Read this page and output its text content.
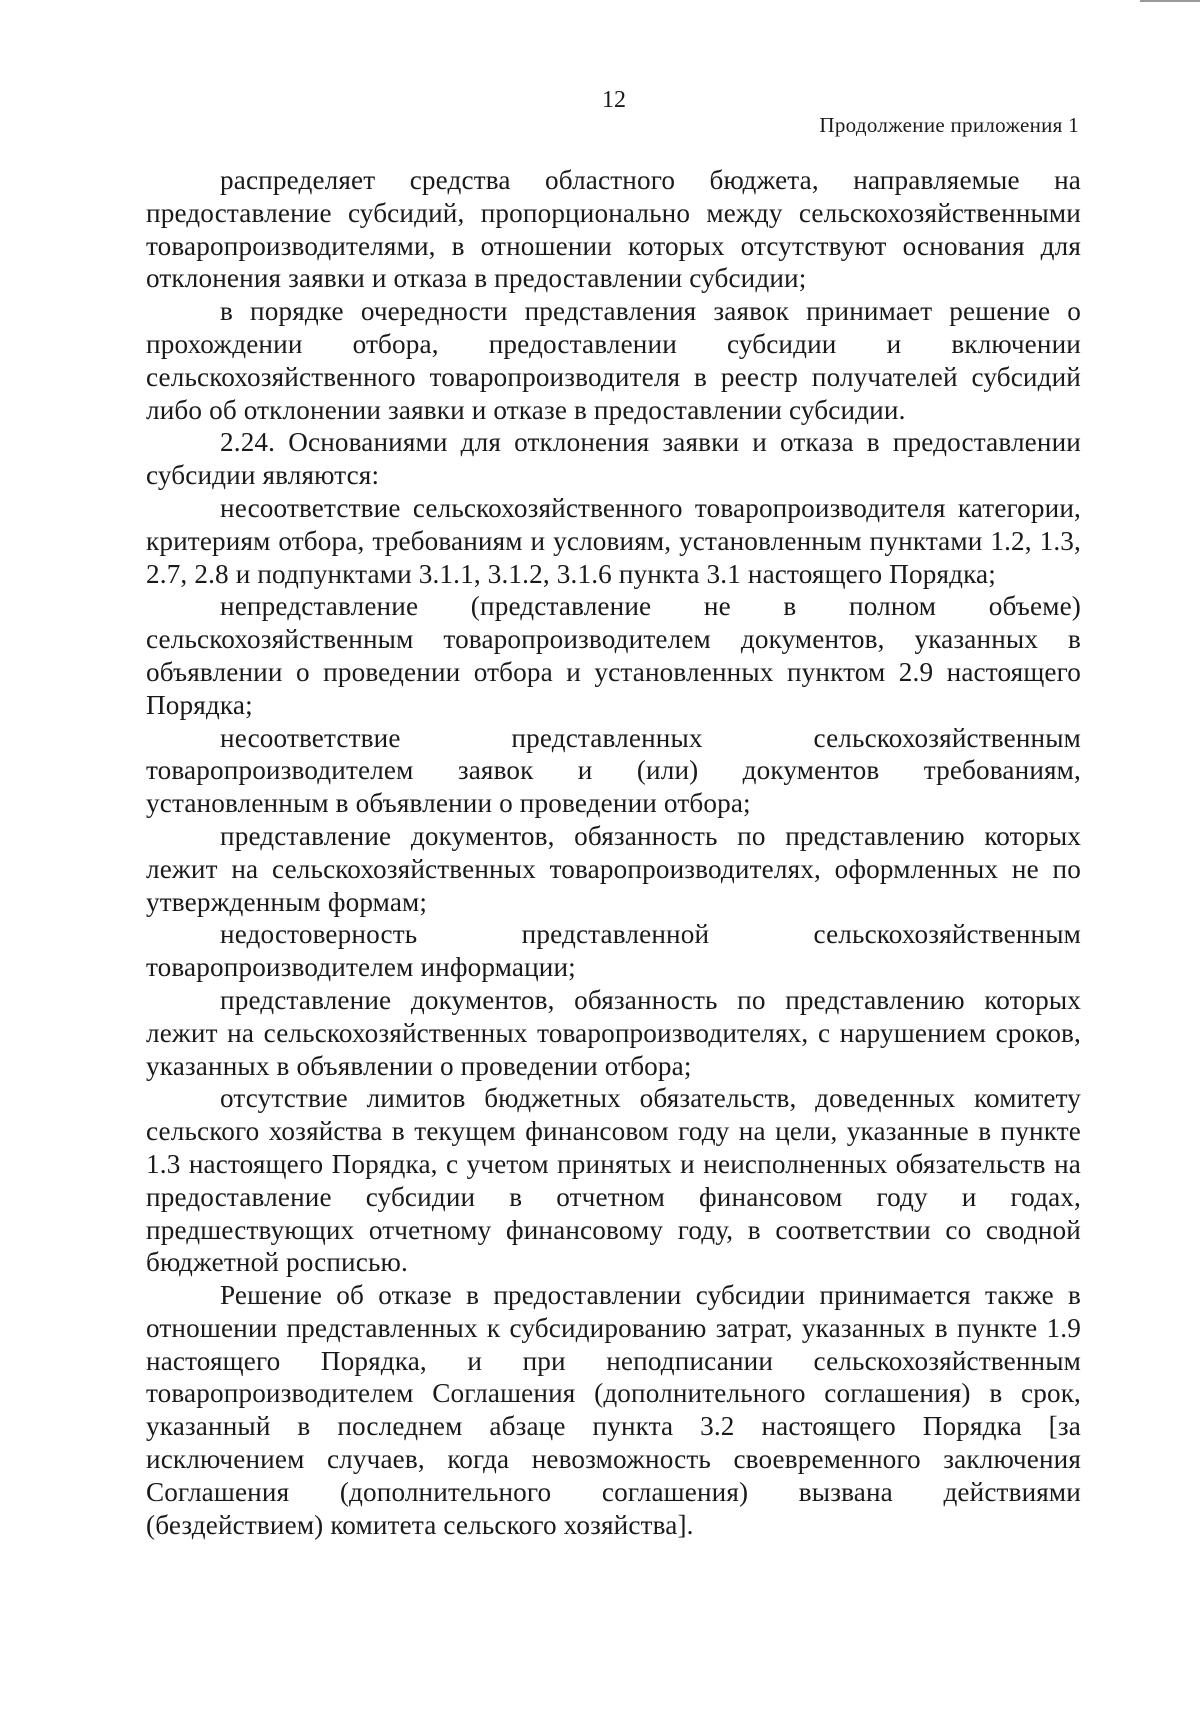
12
Продолжение приложения 1

распределяет средства областного бюджета, направляемые на предоставление субсидий, пропорционально между сельскохозяйственными товаропроизводителями, в отношении которых отсутствуют основания для отклонения заявки и отказа в предоставлении субсидии;

в порядке очередности представления заявок принимает решение о прохождении отбора, предоставлении субсидии и включении сельскохозяйственного товаропроизводителя в реестр получателей субсидий либо об отклонении заявки и отказе в предоставлении субсидии.

2.24. Основаниями для отклонения заявки и отказа в предоставлении субсидии являются:

несоответствие сельскохозяйственного товаропроизводителя категории, критериям отбора, требованиям и условиям, установленным пунктами 1.2, 1.3, 2.7, 2.8 и подпунктами 3.1.1, 3.1.2, 3.1.6 пункта 3.1 настоящего Порядка;

непредставление (представление не в полном объеме) сельскохозяйственным товаропроизводителем документов, указанных в объявлении о проведении отбора и установленных пунктом 2.9 настоящего Порядка;

несоответствие представленных сельскохозяйственным товаропроизводителем заявок и (или) документов требованиям, установленным в объявлении о проведении отбора;

представление документов, обязанность по представлению которых лежит на сельскохозяйственных товаропроизводителях, оформленных не по утвержденным формам;

недостоверность представленной сельскохозяйственным товаропроизводителем информации;

представление документов, обязанность по представлению которых лежит на сельскохозяйственных товаропроизводителях, с нарушением сроков, указанных в объявлении о проведении отбора;

отсутствие лимитов бюджетных обязательств, доведенных комитету сельского хозяйства в текущем финансовом году на цели, указанные в пункте 1.3 настоящего Порядка, с учетом принятых и неисполненных обязательств на предоставление субсидии в отчетном финансовом году и годах, предшествующих отчетному финансовому году, в соответствии со сводной бюджетной росписью.

Решение об отказе в предоставлении субсидии принимается также в отношении представленных к субсидированию затрат, указанных в пункте 1.9 настоящего Порядка, и при неподписании сельскохозяйственным товаропроизводителем Соглашения (дополнительного соглашения) в срок, указанный в последнем абзаце пункта 3.2 настоящего Порядка [за исключением случаев, когда невозможность своевременного заключения Соглашения (дополнительного соглашения) вызвана действиями (бездействием) комитета сельского хозяйства].
